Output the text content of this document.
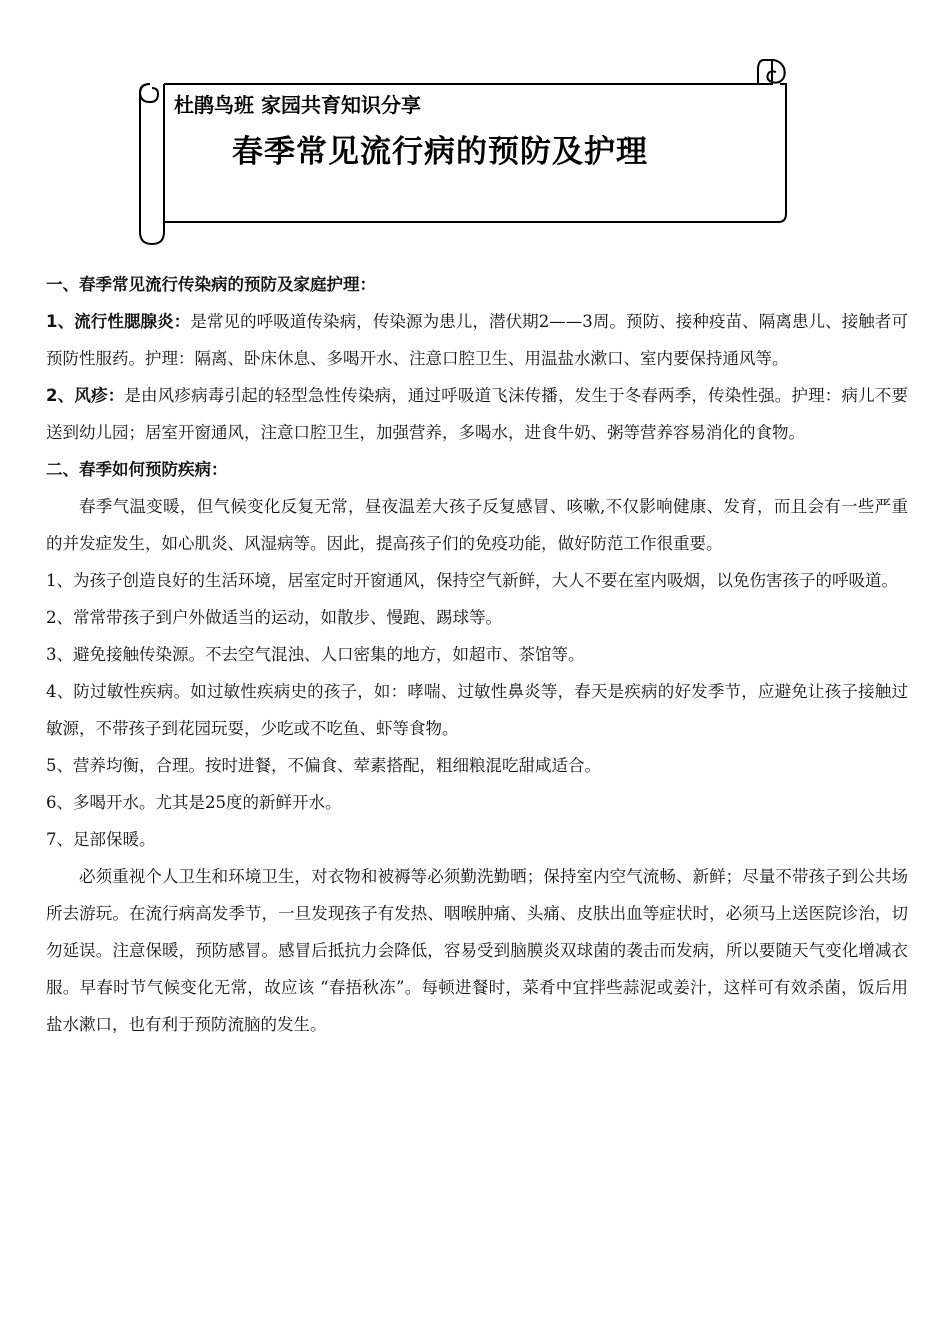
杜鹃鸟班 家园共育知识分享
春季常见流行病的预防及护理

一、春季常见流行传染病的预防及家庭护理：

1、流行性腮腺炎：是常见的呼吸道传染病，传染源为患儿，潜伏期2——3周。预防、接种疫苗、隔离患儿、接触者可预防性服药。护理：隔离、卧床休息、多喝开水、注意口腔卫生、用温盐水漱口、室内要保持通风等。

2、风疹：是由风疹病毒引起的轻型急性传染病，通过呼吸道飞沫传播，发生于冬春两季，传染性强。护理：病儿不要送到幼儿园；居室开窗通风，注意口腔卫生，加强营养，多喝水，进食牛奶、粥等营养容易消化的食物。

二、春季如何预防疾病：

春季气温变暖，但气候变化反复无常，昼夜温差大孩子反复感冒、咳嗽,不仅影响健康、发育，而且会有一些严重的并发症发生，如心肌炎、风湿病等。因此，提高孩子们的免疫功能，做好防范工作很重要。

1、为孩子创造良好的生活环境，居室定时开窗通风，保持空气新鲜，大人不要在室内吸烟，以免伤害孩子的呼吸道。

2、常常带孩子到户外做适当的运动，如散步、慢跑、踢球等。

3、避免接触传染源。不去空气混浊、人口密集的地方，如超市、茶馆等。

4、防过敏性疾病。如过敏性疾病史的孩子，如：哮喘、过敏性鼻炎等，春天是疾病的好发季节，应避免让孩子接触过敏源，不带孩子到花园玩耍，少吃或不吃鱼、虾等食物。

5、营养均衡，合理。按时进餐，不偏食、荤素搭配，粗细粮混吃甜咸适合。

6、多喝开水。尤其是25度的新鲜开水。

7、足部保暖。

必须重视个人卫生和环境卫生，对衣物和被褥等必须勤洗勤晒；保持室内空气流畅、新鲜；尽量不带孩子到公共场所去游玩。在流行病高发季节，一旦发现孩子有发热、咽喉肿痛、头痛、皮肤出血等症状时，必须马上送医院诊治，切勿延误。注意保暖，预防感冒。感冒后抵抗力会降低，容易受到脑膜炎双球菌的袭击而发病，所以要随天气变化增减衣服。早春时节气候变化无常，故应该 “春捂秋冻”。每顿进餐时，菜肴中宜拌些蒜泥或姜汁，这样可有效杀菌，饭后用盐水漱口，也有利于预防流脑的发生。
